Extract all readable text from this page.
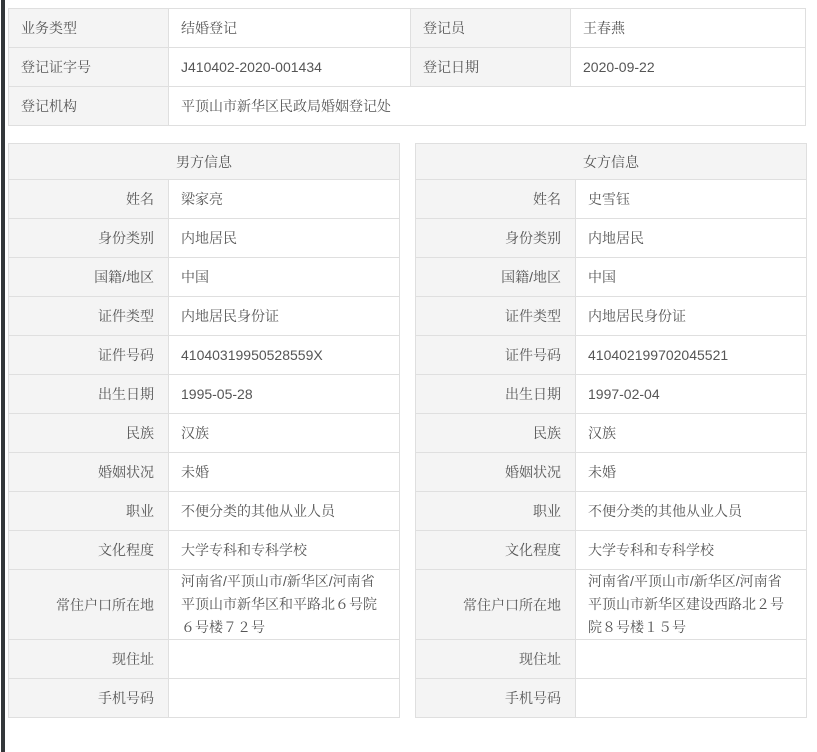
业务类型	结婚登记	登记员	王春燕
登记证字号	J410402-2020-001434	登记日期	2020-09-22
登记机构	平顶山市新华区民政局婚姻登记处		
男方信息	
姓名	梁家亮
身份类别	内地居民
国籍/地区	中国
证件类型	内地居民身份证
证件号码	41040319950528559X
出生日期	1995-05-28
民族	汉族
婚姻状况	未婚
职业	不便分类的其他从业人员
文化程度	大学专科和专科学校
常住户口所在地	河南省/平顶山市/新华区/河南省平顶山市新华区和平路北６号院６号楼７２号
现住址	
手机号码	
女方信息	
姓名	史雪钰
身份类别	内地居民
国籍/地区	中国
证件类型	内地居民身份证
证件号码	410402199702045521
出生日期	1997-02-04
民族	汉族
婚姻状况	未婚
职业	不便分类的其他从业人员
文化程度	大学专科和专科学校
常住户口所在地	河南省/平顶山市/新华区/河南省平顶山市新华区建设西路北２号院８号楼１５号
现住址	
手机号码	
